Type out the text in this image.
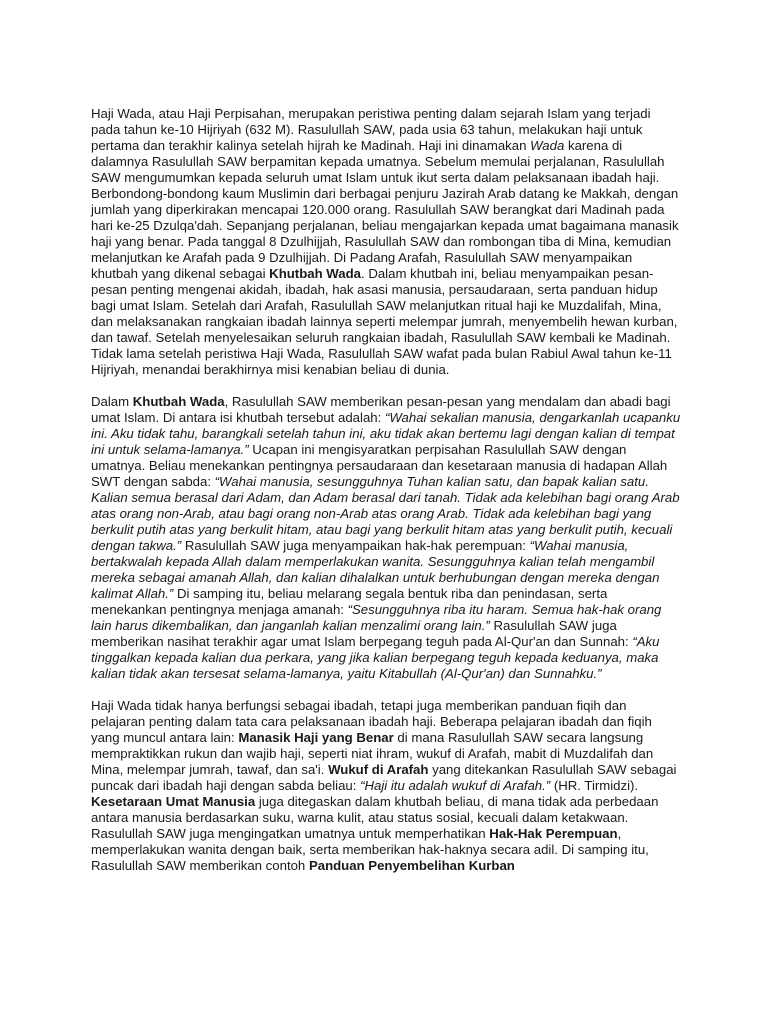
Haji Wada, atau Haji Perpisahan, merupakan peristiwa penting dalam sejarah Islam yang terjadi pada tahun ke-10 Hijriyah (632 M). Rasulullah SAW, pada usia 63 tahun, melakukan haji untuk pertama dan terakhir kalinya setelah hijrah ke Madinah. Haji ini dinamakan Wada karena di dalamnya Rasulullah SAW berpamitan kepada umatnya. Sebelum memulai perjalanan, Rasulullah SAW mengumumkan kepada seluruh umat Islam untuk ikut serta dalam pelaksanaan ibadah haji. Berbondong-bondong kaum Muslimin dari berbagai penjuru Jazirah Arab datang ke Makkah, dengan jumlah yang diperkirakan mencapai 120.000 orang. Rasulullah SAW berangkat dari Madinah pada hari ke-25 Dzulqa'dah. Sepanjang perjalanan, beliau mengajarkan kepada umat bagaimana manasik haji yang benar. Pada tanggal 8 Dzulhijjah, Rasulullah SAW dan rombongan tiba di Mina, kemudian melanjutkan ke Arafah pada 9 Dzulhijjah. Di Padang Arafah, Rasulullah SAW menyampaikan khutbah yang dikenal sebagai Khutbah Wada. Dalam khutbah ini, beliau menyampaikan pesan-pesan penting mengenai akidah, ibadah, hak asasi manusia, persaudaraan, serta panduan hidup bagi umat Islam. Setelah dari Arafah, Rasulullah SAW melanjutkan ritual haji ke Muzdalifah, Mina, dan melaksanakan rangkaian ibadah lainnya seperti melempar jumrah, menyembelih hewan kurban, dan tawaf. Setelah menyelesaikan seluruh rangkaian ibadah, Rasulullah SAW kembali ke Madinah. Tidak lama setelah peristiwa Haji Wada, Rasulullah SAW wafat pada bulan Rabiul Awal tahun ke-11 Hijriyah, menandai berakhirnya misi kenabian beliau di dunia.

Dalam Khutbah Wada, Rasulullah SAW memberikan pesan-pesan yang mendalam dan abadi bagi umat Islam. Di antara isi khutbah tersebut adalah: “Wahai sekalian manusia, dengarkanlah ucapanku ini. Aku tidak tahu, barangkali setelah tahun ini, aku tidak akan bertemu lagi dengan kalian di tempat ini untuk selama-lamanya.” Ucapan ini mengisyaratkan perpisahan Rasulullah SAW dengan umatnya. Beliau menekankan pentingnya persaudaraan dan kesetaraan manusia di hadapan Allah SWT dengan sabda: “Wahai manusia, sesungguhnya Tuhan kalian satu, dan bapak kalian satu. Kalian semua berasal dari Adam, dan Adam berasal dari tanah. Tidak ada kelebihan bagi orang Arab atas orang non-Arab, atau bagi orang non-Arab atas orang Arab. Tidak ada kelebihan bagi yang berkulit putih atas yang berkulit hitam, atau bagi yang berkulit hitam atas yang berkulit putih, kecuali dengan takwa.” Rasulullah SAW juga menyampaikan hak-hak perempuan: “Wahai manusia, bertakwalah kepada Allah dalam memperlakukan wanita. Sesungguhnya kalian telah mengambil mereka sebagai amanah Allah, dan kalian dihalalkan untuk berhubungan dengan mereka dengan kalimat Allah.” Di samping itu, beliau melarang segala bentuk riba dan penindasan, serta menekankan pentingnya menjaga amanah: “Sesungguhnya riba itu haram. Semua hak-hak orang lain harus dikembalikan, dan janganlah kalian menzalimi orang lain.” Rasulullah SAW juga memberikan nasihat terakhir agar umat Islam berpegang teguh pada Al-Qur'an dan Sunnah: “Aku tinggalkan kepada kalian dua perkara, yang jika kalian berpegang teguh kepada keduanya, maka kalian tidak akan tersesat selama-lamanya, yaitu Kitabullah (Al-Qur'an) dan Sunnahku.”

Haji Wada tidak hanya berfungsi sebagai ibadah, tetapi juga memberikan panduan fiqih dan pelajaran penting dalam tata cara pelaksanaan ibadah haji. Beberapa pelajaran ibadah dan fiqih yang muncul antara lain: Manasik Haji yang Benar di mana Rasulullah SAW secara langsung mempraktikkan rukun dan wajib haji, seperti niat ihram, wukuf di Arafah, mabit di Muzdalifah dan Mina, melempar jumrah, tawaf, dan sa'i. Wukuf di Arafah yang ditekankan Rasulullah SAW sebagai puncak dari ibadah haji dengan sabda beliau: “Haji itu adalah wukuf di Arafah.” (HR. Tirmidzi). Kesetaraan Umat Manusia juga ditegaskan dalam khutbah beliau, di mana tidak ada perbedaan antara manusia berdasarkan suku, warna kulit, atau status sosial, kecuali dalam ketakwaan. Rasulullah SAW juga mengingatkan umatnya untuk memperhatikan Hak-Hak Perempuan, memperlakukan wanita dengan baik, serta memberikan hak-haknya secara adil. Di samping itu, Rasulullah SAW memberikan contoh Panduan Penyembelihan Kurban
